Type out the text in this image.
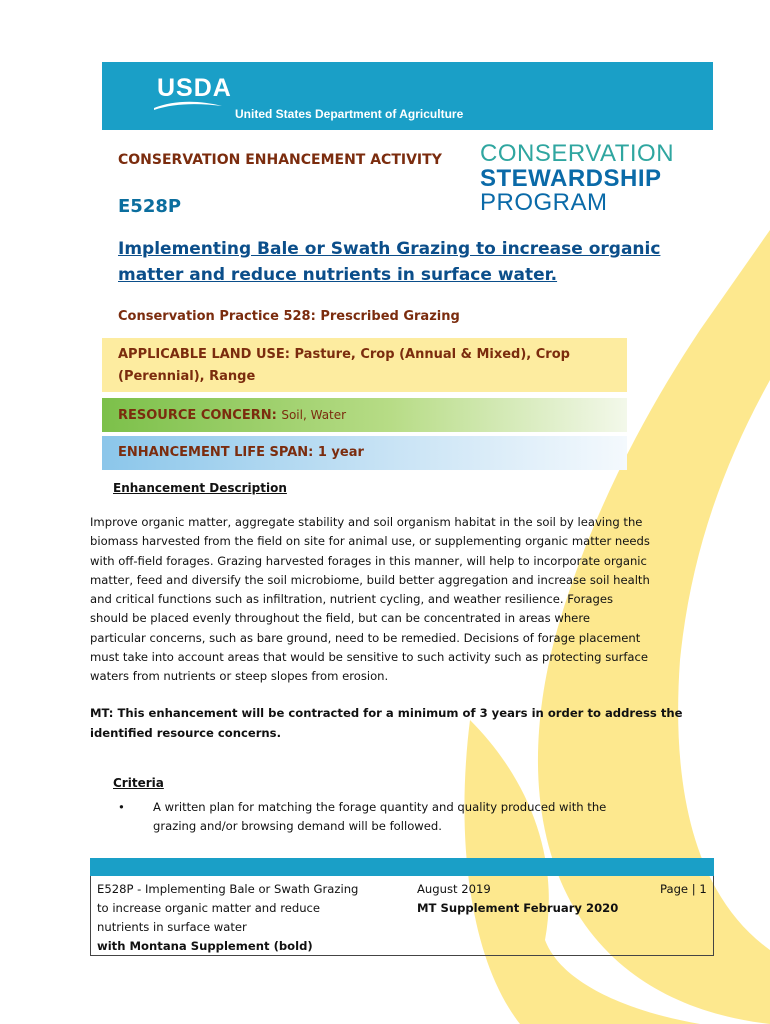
USDA
United States Department of Agriculture
CONSERVATION ENHANCEMENT ACTIVITY
E528P
CONSERVATION
STEWARDSHIP
PROGRAM
Implementing Bale or Swath Grazing to increase organic
matter and reduce nutrients in surface water.
Conservation Practice 528: Prescribed Grazing
APPLICABLE LAND USE: Pasture, Crop (Annual & Mixed), Crop
(Perennial), Range
RESOURCE CONCERN: Soil, Water
ENHANCEMENT LIFE SPAN: 1 year
Enhancement Description
Improve organic matter, aggregate stability and soil organism habitat in the soil by leaving the
biomass harvested from the field on site for animal use, or supplementing organic matter needs
with off-field forages. Grazing harvested forages in this manner, will help to incorporate organic
matter, feed and diversify the soil microbiome, build better aggregation and increase soil health
and critical functions such as infiltration, nutrient cycling, and weather resilience. Forages
should be placed evenly throughout the field, but can be concentrated in areas where
particular concerns, such as bare ground, need to be remedied. Decisions of forage placement
must take into account areas that would be sensitive to such activity such as protecting surface
waters from nutrients or steep slopes from erosion.
MT: This enhancement will be contracted for a minimum of 3 years in order to address the
identified resource concerns.
Criteria
• A written plan for matching the forage quantity and quality produced with the
grazing and/or browsing demand will be followed.
E528P - Implementing Bale or Swath Grazing
to increase organic matter and reduce
nutrients in surface water
with Montana Supplement (bold)
August 2019
MT Supplement February 2020
Page | 1
